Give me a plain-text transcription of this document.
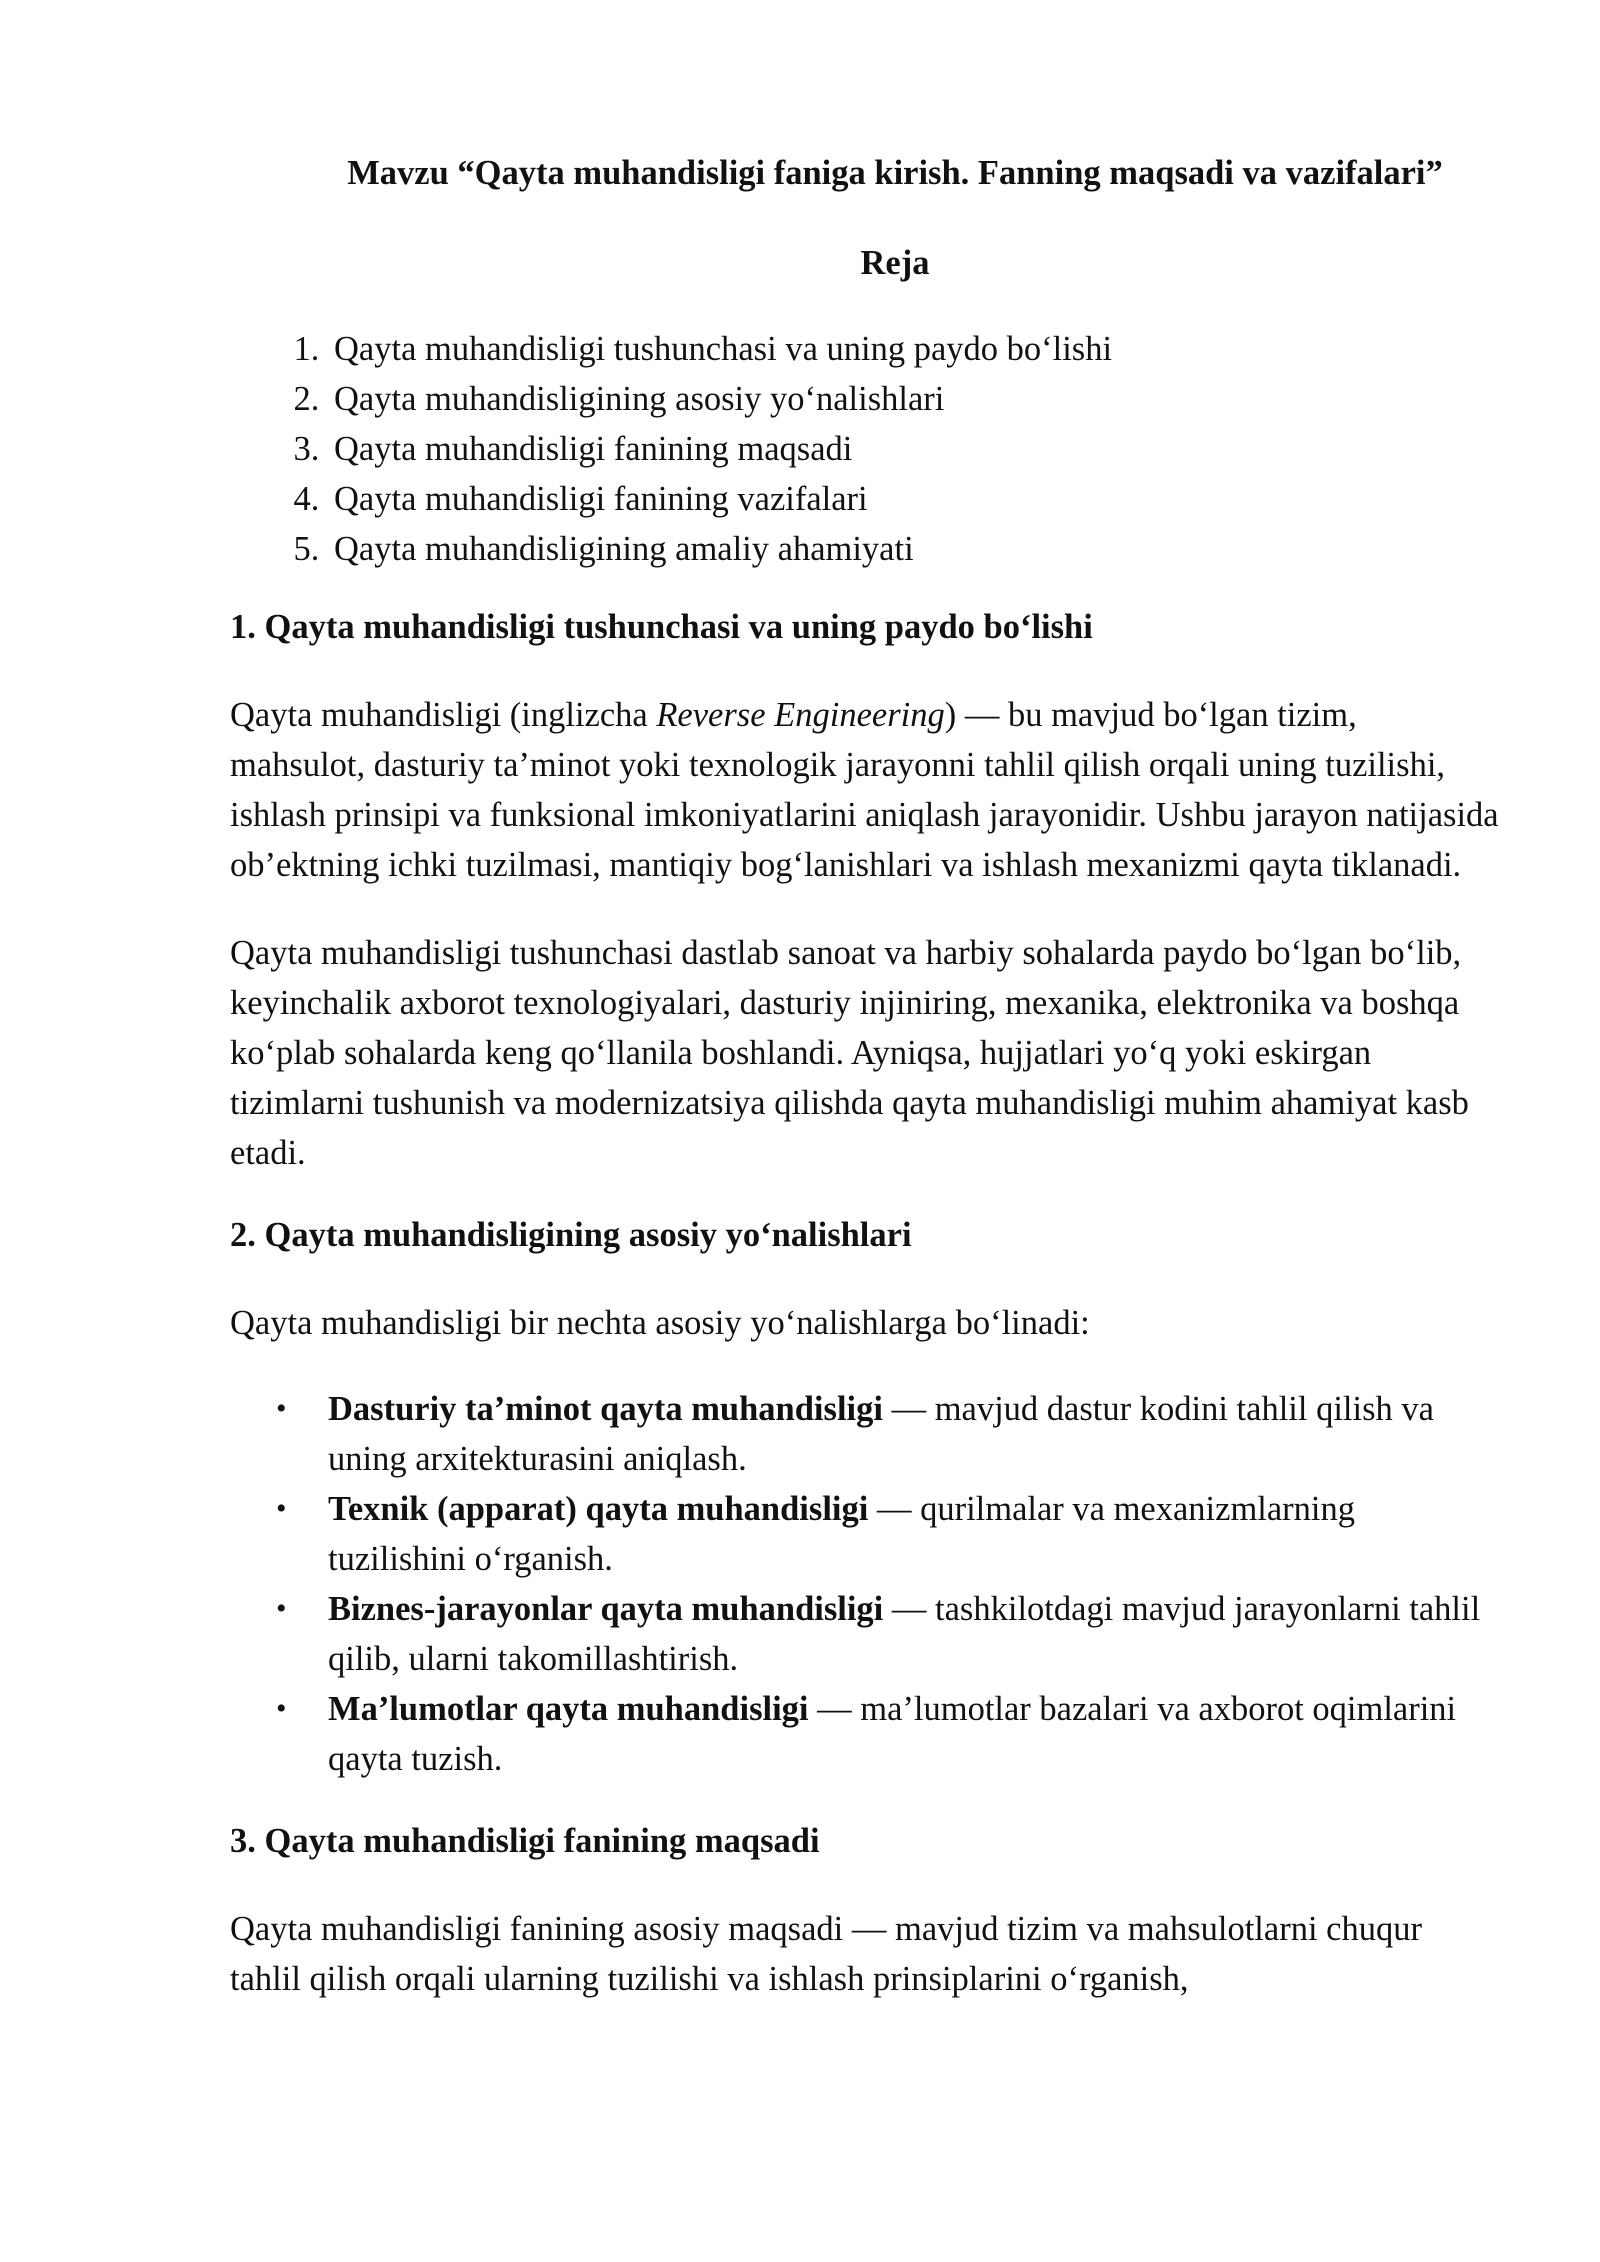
Mavzu “Qayta muhandisligi faniga kirish. Fanning maqsadi va vazifalari”
Reja
1. Qayta muhandisligi tushunchasi va uning paydo bo‘lishi
2. Qayta muhandisligining asosiy yo‘nalishlari
3. Qayta muhandisligi fanining maqsadi
4. Qayta muhandisligi fanining vazifalari
5. Qayta muhandisligining amaliy ahamiyati
1. Qayta muhandisligi tushunchasi va uning paydo bo‘lishi

Qayta muhandisligi (inglizcha Reverse Engineering) — bu mavjud bo‘lgan tizim, mahsulot, dasturiy ta’minot yoki texnologik jarayonni tahlil qilish orqali uning tuzilishi, ishlash prinsipi va funksional imkoniyatlarini aniqlash jarayonidir. Ushbu jarayon natijasida ob’ektning ichki tuzilmasi, mantiqiy bog‘lanishlari va ishlash mexanizmi qayta tiklanadi.

Qayta muhandisligi tushunchasi dastlab sanoat va harbiy sohalarda paydo bo‘lgan bo‘lib, keyinchalik axborot texnologiyalari, dasturiy injiniring, mexanika, elektronika va boshqa ko‘plab sohalarda keng qo‘llanila boshlandi. Ayniqsa, hujjatlari yo‘q yoki eskirgan tizimlarni tushunish va modernizatsiya qilishda qayta muhandisligi muhim ahamiyat kasb etadi.

2. Qayta muhandisligining asosiy yo‘nalishlari

Qayta muhandisligi bir nechta asosiy yo‘nalishlarga bo‘linadi:

• Dasturiy ta’minot qayta muhandisligi — mavjud dastur kodini tahlil qilish va uning arxitekturasini aniqlash.
• Texnik (apparat) qayta muhandisligi — qurilmalar va mexanizmlarning tuzilishini o‘rganish.
• Biznes-jarayonlar qayta muhandisligi — tashkilotdagi mavjud jarayonlarni tahlil qilib, ularni takomillashtirish.
• Ma’lumotlar qayta muhandisligi — ma’lumotlar bazalari va axborot oqimlarini qayta tuzish.
3. Qayta muhandisligi fanining maqsadi

Qayta muhandisligi fanining asosiy maqsadi — mavjud tizim va mahsulotlarni chuqur tahlil qilish orqali ularning tuzilishi va ishlash prinsiplarini o‘rganish,
